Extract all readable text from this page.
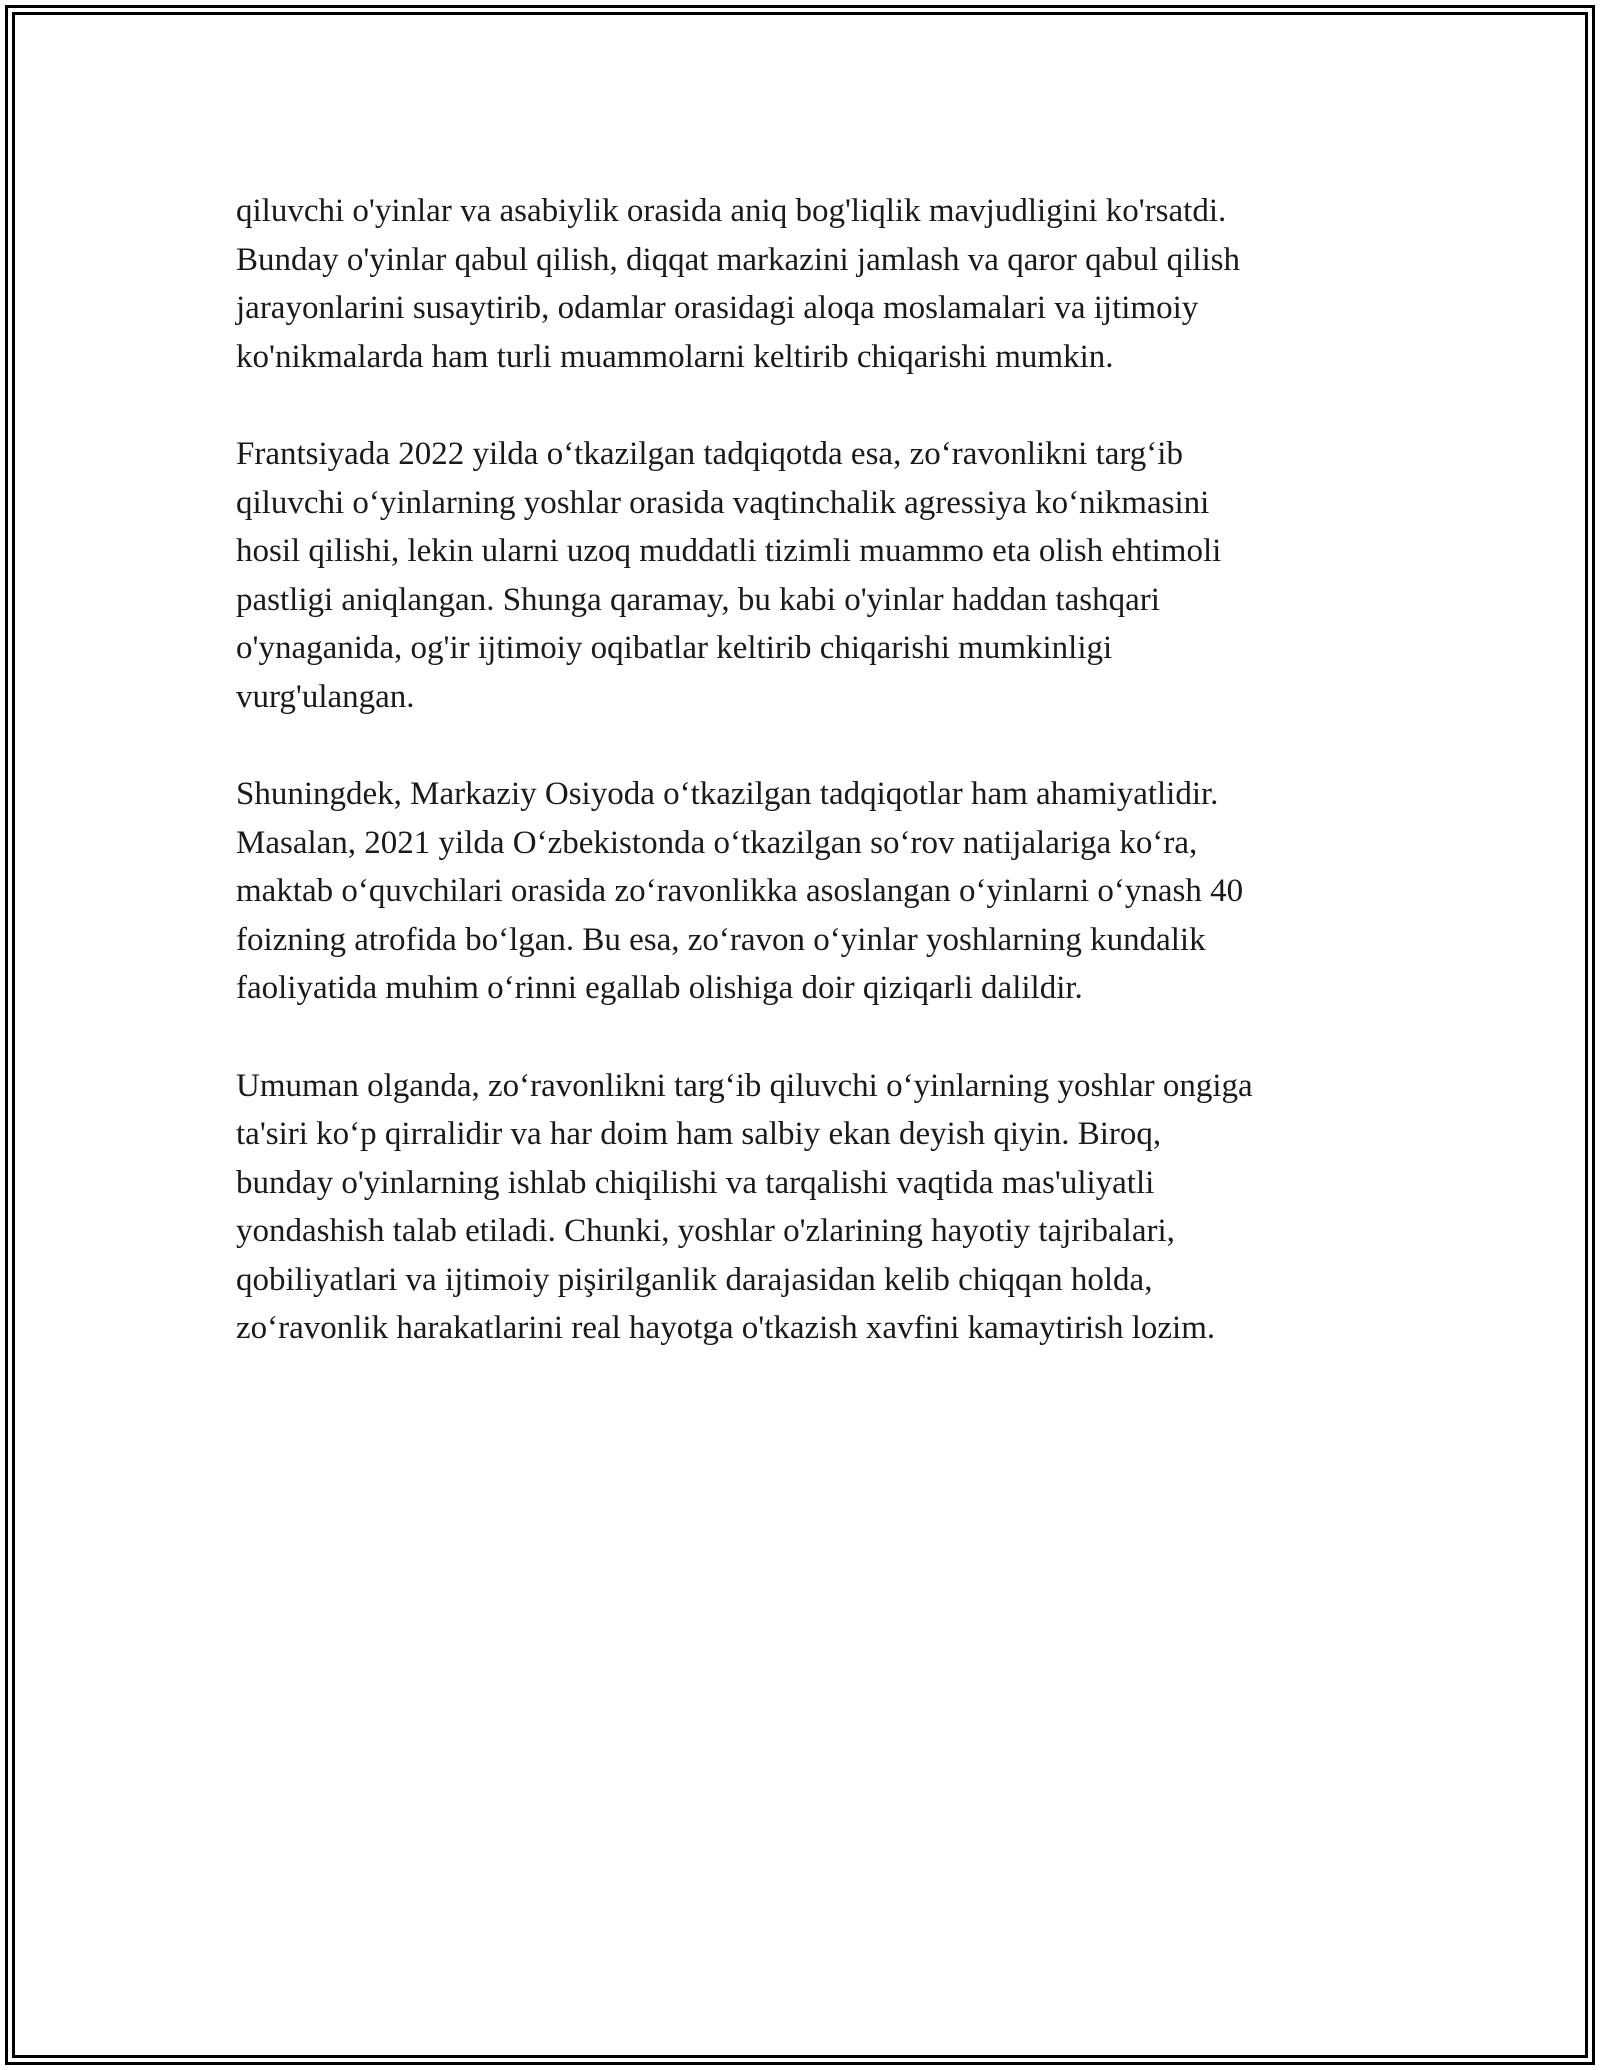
qiluvchi o'yinlar va asabiylik orasida aniq bog'liqlik mavjudligini ko'rsatdi.
Bunday o'yinlar qabul qilish, diqqat markazini jamlash va qaror qabul qilish
jarayonlarini susaytirib, odamlar orasidagi aloqa moslamalari va ijtimoiy
ko'nikmalarda ham turli muammolarni keltirib chiqarishi mumkin.

Frantsiyada 2022 yilda o‘tkazilgan tadqiqotda esa, zo‘ravonlikni targ‘ib
qiluvchi o‘yinlarning yoshlar orasida vaqtinchalik agressiya ko‘nikmasini
hosil qilishi, lekin ularni uzoq muddatli tizimli muammo eta olish ehtimoli
pastligi aniqlangan. Shunga qaramay, bu kabi o'yinlar haddan tashqari
o'ynaganida, og'ir ijtimoiy oqibatlar keltirib chiqarishi mumkinligi
vurg'ulangan.

Shuningdek, Markaziy Osiyoda o‘tkazilgan tadqiqotlar ham ahamiyatlidir.
Masalan, 2021 yilda O‘zbekistonda o‘tkazilgan so‘rov natijalariga ko‘ra,
maktab o‘quvchilari orasida zo‘ravonlikka asoslangan o‘yinlarni o‘ynash 40
foizning atrofida bo‘lgan. Bu esa, zo‘ravon o‘yinlar yoshlarning kundalik
faoliyatida muhim o‘rinni egallab olishiga doir qiziqarli dalildir.

Umuman olganda, zo‘ravonlikni targ‘ib qiluvchi o‘yinlarning yoshlar ongiga
ta'siri ko‘p qirralidir va har doim ham salbiy ekan deyish qiyin. Biroq,
bunday o'yinlarning ishlab chiqilishi va tarqalishi vaqtida mas'uliyatli
yondashish talab etiladi. Chunki, yoshlar o'zlarining hayotiy tajribalari,
qobiliyatlari va ijtimoiy pişirilganlik darajasidan kelib chiqqan holda,
zo‘ravonlik harakatlarini real hayotga o'tkazish xavfini kamaytirish lozim.
